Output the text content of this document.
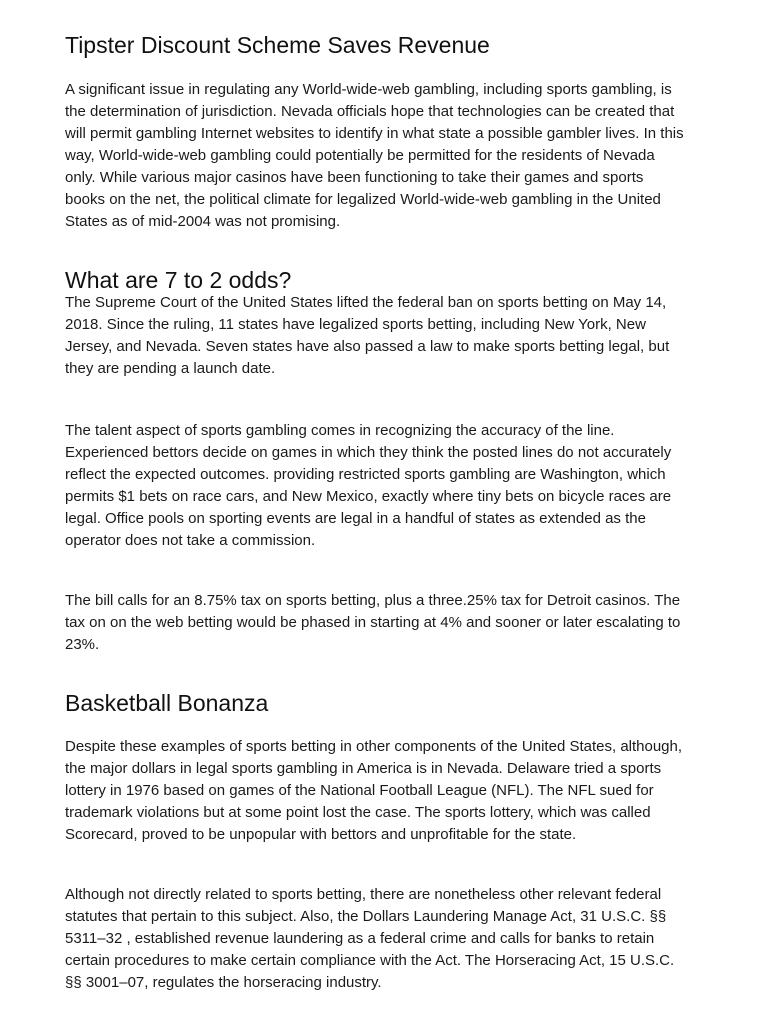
Tipster Discount Scheme Saves Revenue

A significant issue in regulating any World-wide-web gambling, including sports gambling, is
the determination of jurisdiction. Nevada officials hope that technologies can be created that
will permit gambling Internet websites to identify in what state a possible gambler lives. In this
way, World-wide-web gambling could potentially be permitted for the residents of Nevada
only. While various major casinos have been functioning to take their games and sports
books on the net, the political climate for legalized World-wide-web gambling in the United
States as of mid-2004 was not promising.

What are 7 to 2 odds?

The Supreme Court of the United States lifted the federal ban on sports betting on May 14,
2018. Since the ruling, 11 states have legalized sports betting, including New York, New
Jersey, and Nevada. Seven states have also passed a law to make sports betting legal, but
they are pending a launch date.

The talent aspect of sports gambling comes in recognizing the accuracy of the line.
Experienced bettors decide on games in which they think the posted lines do not accurately
reflect the expected outcomes. providing restricted sports gambling are Washington, which
permits $1 bets on race cars, and New Mexico, exactly where tiny bets on bicycle races are
legal. Office pools on sporting events are legal in a handful of states as extended as the
operator does not take a commission.

The bill calls for an 8.75% tax on sports betting, plus a three.25% tax for Detroit casinos. The
tax on on the web betting would be phased in starting at 4% and sooner or later escalating to
23%.

Basketball Bonanza

Despite these examples of sports betting in other components of the United States, although,
the major dollars in legal sports gambling in America is in Nevada. Delaware tried a sports
lottery in 1976 based on games of the National Football League (NFL). The NFL sued for
trademark violations but at some point lost the case. The sports lottery, which was called
Scorecard, proved to be unpopular with bettors and unprofitable for the state.

Although not directly related to sports betting, there are nonetheless other relevant federal
statutes that pertain to this subject. Also, the Dollars Laundering Manage Act, 31 U.S.C. §§
5311–32 , established revenue laundering as a federal crime and calls for banks to retain
certain procedures to make certain compliance with the Act. The Horseracing Act, 15 U.S.C.
§§ 3001–07, regulates the horseracing industry.
